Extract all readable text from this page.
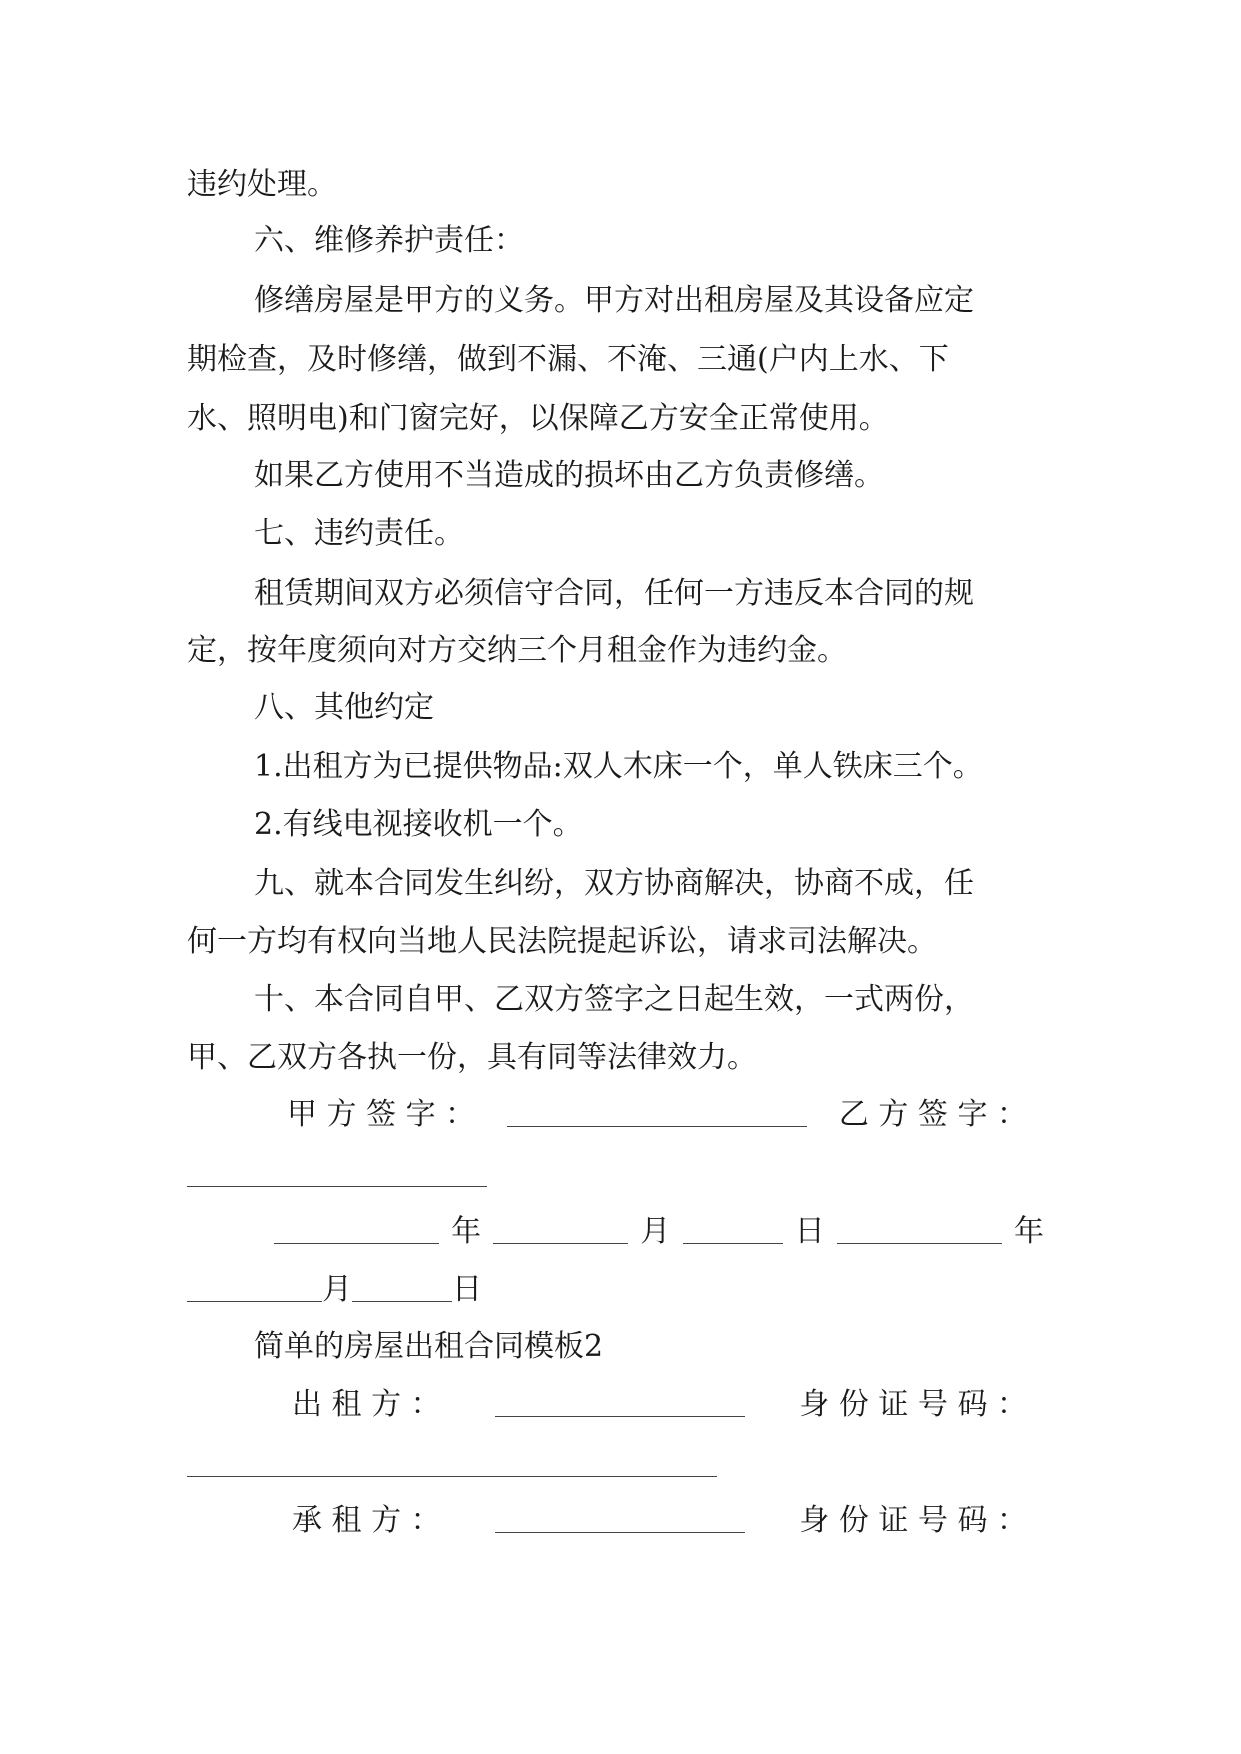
违约处理。
六、维修养护责任：
修缮房屋是甲方的义务。甲方对出租房屋及其设备应定
期检查，及时修缮，做到不漏、不淹、三通(户内上水、下
水、照明电)和门窗完好，以保障乙方安全正常使用。
如果乙方使用不当造成的损坏由乙方负责修缮。
七、违约责任。
租赁期间双方必须信守合同，任何一方违反本合同的规
定，按年度须向对方交纳三个月租金作为违约金。
八、其他约定
1.出租方为已提供物品:双人木床一个，单人铁床三个。
2.有线电视接收机一个。
九、就本合同发生纠纷，双方协商解决，协商不成，任
何一方均有权向当地人民法院提起诉讼，请求司法解决。
十、本合同自甲、乙双方签字之日起生效，一式两份，
甲、乙双方各执一份，具有同等法律效力。
甲 方 签 字 ：	乙 方 签 字 ：
年	月	日	年
月	日
简单的房屋出租合同模板2
出 租 方 ：	身 份 证 号 码 ：
承 租 方 ：	身 份 证 号 码 ：
